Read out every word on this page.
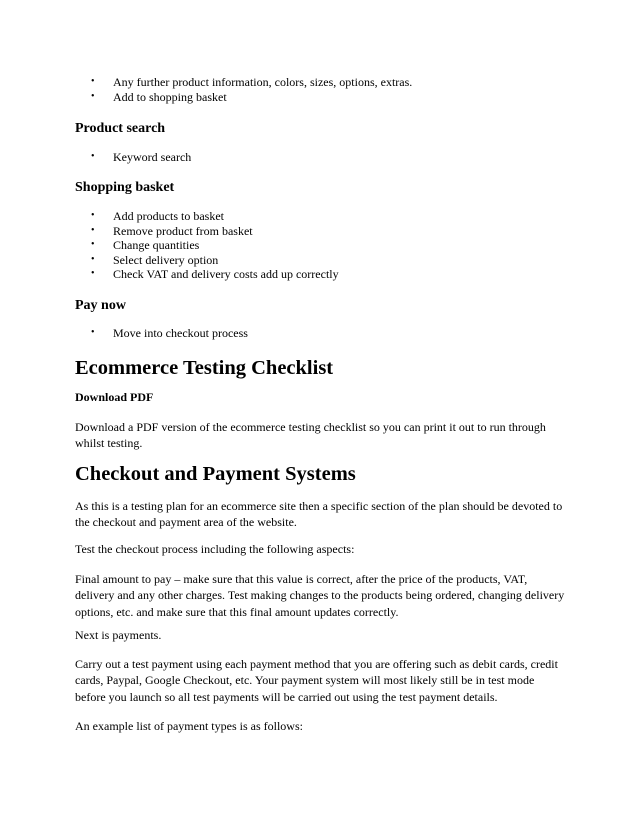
• Any further product information, colors, sizes, options, extras.
• Add to shopping basket
Product search
• Keyword search
Shopping basket
• Add products to basket
• Remove product from basket
• Change quantities
• Select delivery option
• Check VAT and delivery costs add up correctly
Pay now
• Move into checkout process
Ecommerce Testing Checklist
Download PDF

Download a PDF version of the ecommerce testing checklist so you can print it out to run through whilst testing.

Checkout and Payment Systems

As this is a testing plan for an ecommerce site then a specific section of the plan should be devoted to the checkout and payment area of the website.

Test the checkout process including the following aspects:

Final amount to pay – make sure that this value is correct, after the price of the products, VAT, delivery and any other charges. Test making changes to the products being ordered, changing delivery options, etc. and make sure that this final amount updates correctly.

Next is payments.

Carry out a test payment using each payment method that you are offering such as debit cards, credit cards, Paypal, Google Checkout, etc. Your payment system will most likely still be in test mode before you launch so all test payments will be carried out using the test payment details.

An example list of payment types is as follows:
